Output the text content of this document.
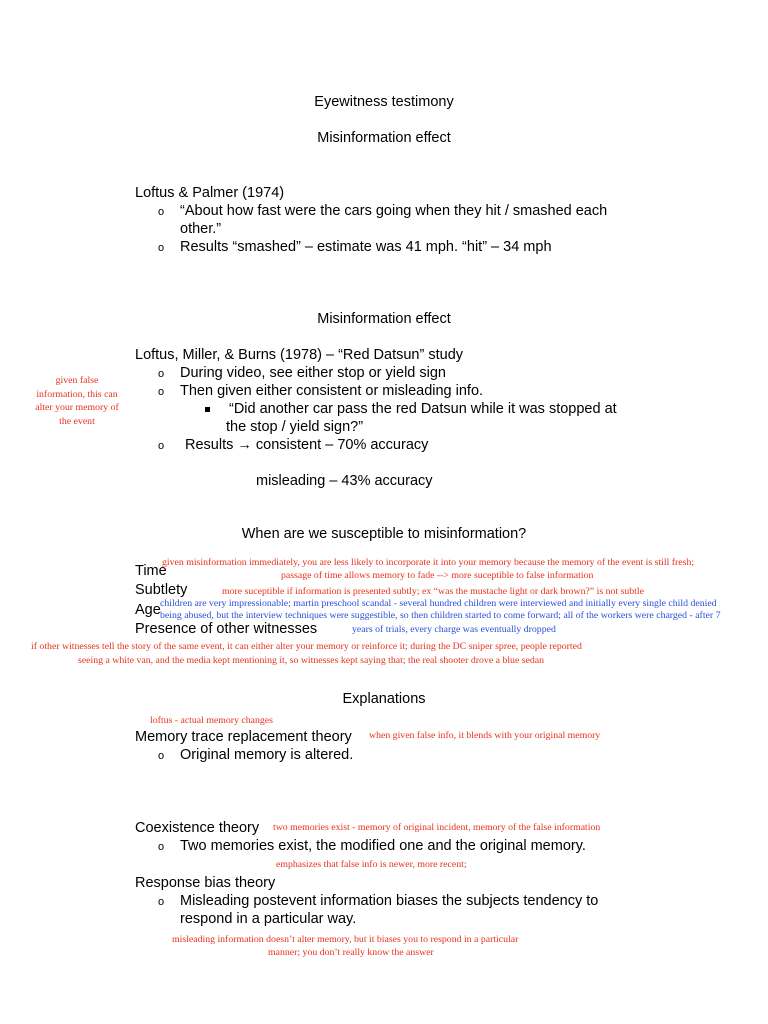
Eyewitness testimony
Misinformation effect
Loftus & Palmer (1974)
o “About how fast were the cars going when they hit / smashed each
other.”
o Results “smashed” – estimate was 41 mph. “hit” – 34 mph
Misinformation effect
Loftus, Miller, & Burns (1978) – “Red Datsun” study
o During video, see either stop or yield sign
o Then given either consistent or misleading info.
“Did another car pass the red Datsun while it was stopped at
the stop / yield sign?”
o Results → consistent – 70% accuracy
misleading – 43% accuracy
given false
information, this can
alter your memory of
the event
When are we susceptible to misinformation?
given misinformation immediately, you are less likely to incorporate it into your memory because the memory of the event is still fresh;
Time	passage of time allows memory to fade --> more suceptible to false information
Subtlety	more suceptible if information is presented subtly; ex “was the mustache light or dark brown?” is not subtle
children are very impressionable; martin preschool scandal - several hundred children were interviewed and initially every single child denied
Age being abused, but the interview techniques were suggestible, so then children started to come forward; all of the workers were charged - after 7
Presence of other witnesses	years of trials, every charge was eventually dropped
if other witnesses tell the story of the same event, it can either alter your memory or reinforce it; during the DC sniper spree, people reported
seeing a white van, and the media kept mentioning it, so witnesses kept saying that; the real shooter drove a blue sedan
Explanations
loftus - actual memory changes
Memory trace replacement theory when given false info, it blends with your original memory
o Original memory is altered.
Coexistence theory two memories exist - memory of original incident, memory of the false information
o Two memories exist, the modified one and the original memory.
emphasizes that false info is newer, more recent;
Response bias theory
o Misleading postevent information biases the subjects tendency to
respond in a particular way.
misleading information doesn’t alter memory, but it biases you to respond in a particular
manner; you don’t really know the answer
